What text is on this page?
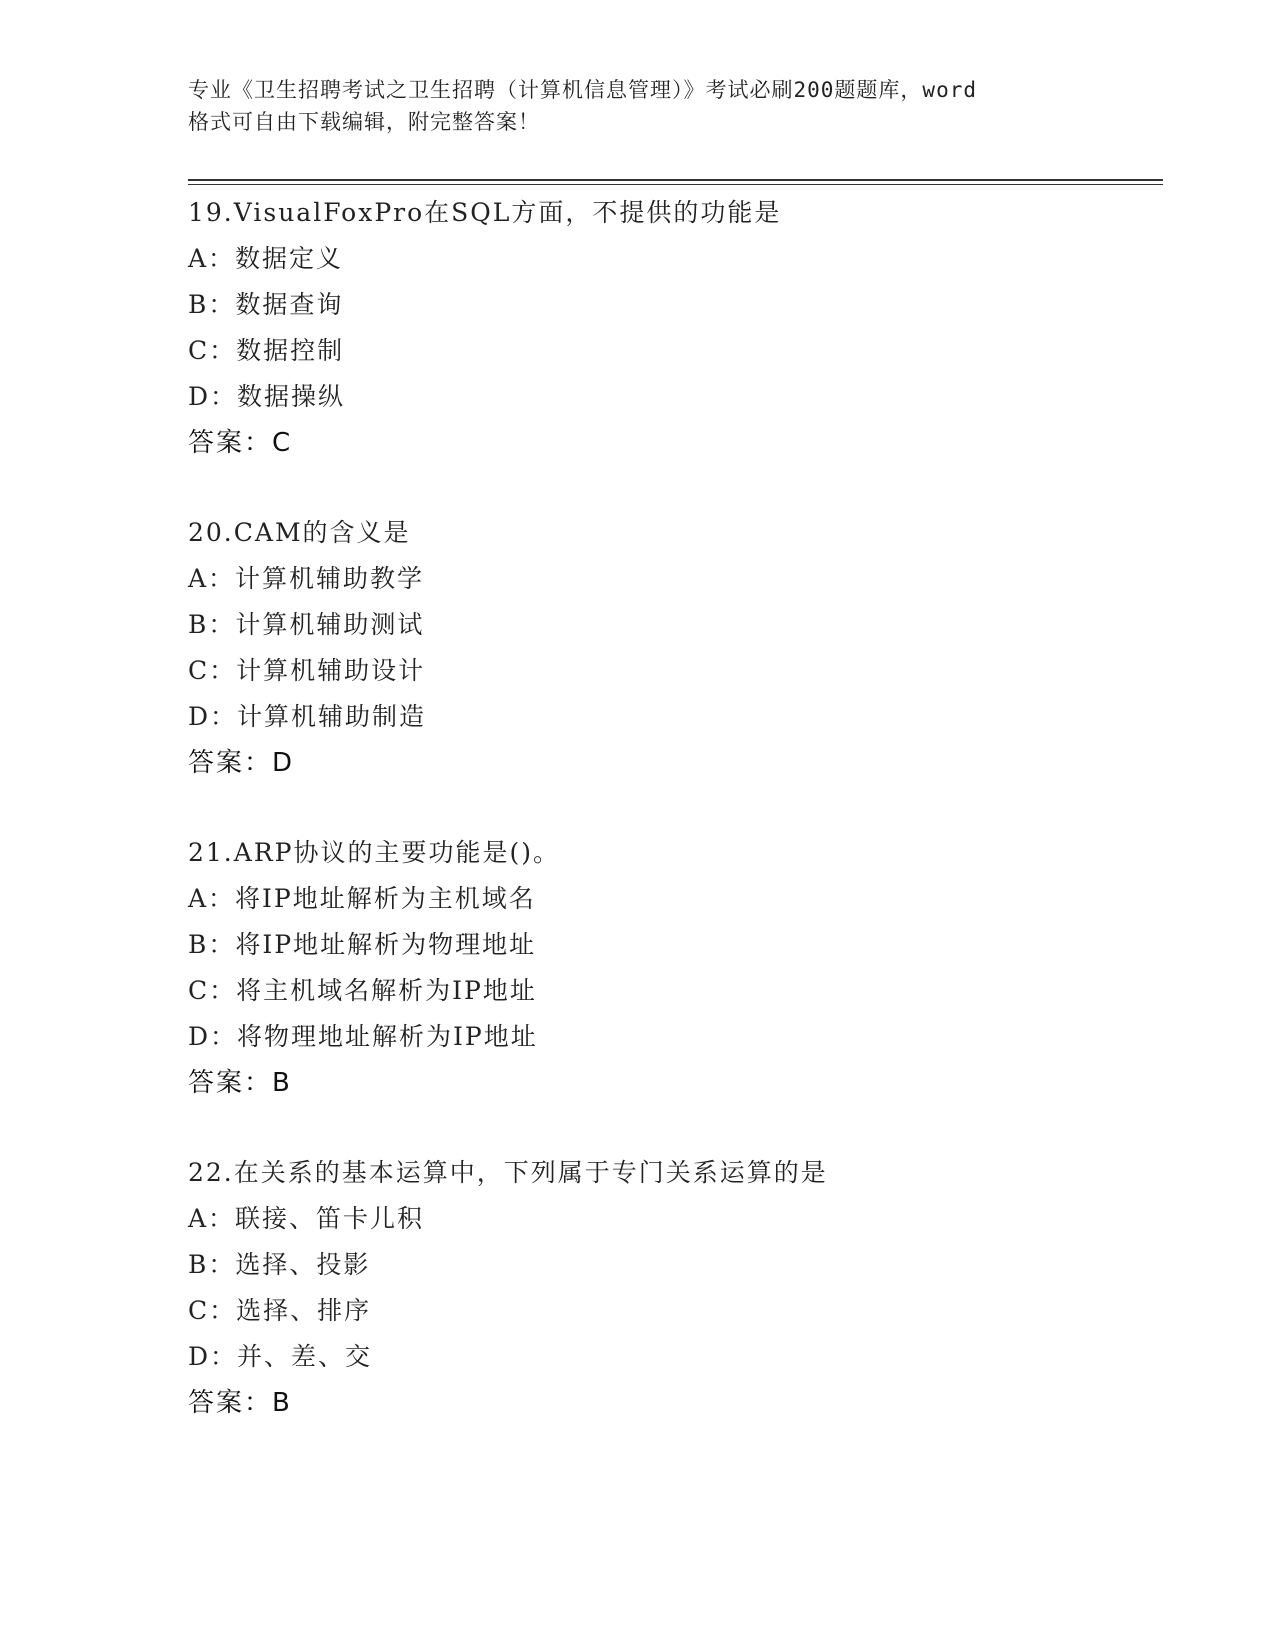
专业《卫生招聘考试之卫生招聘（计算机信息管理）》考试必刷200题题库，word
格式可自由下载编辑，附完整答案！
19.VisualFoxPro在SQL方面，不提供的功能是
A：数据定义
B：数据查询
C：数据控制
D：数据操纵
答案：C
20.CAM的含义是
A：计算机辅助教学
B：计算机辅助测试
C：计算机辅助设计
D：计算机辅助制造
答案：D
21.ARP协议的主要功能是()。
A：将IP地址解析为主机域名
B：将IP地址解析为物理地址
C：将主机域名解析为IP地址
D：将物理地址解析为IP地址
答案：B
22.在关系的基本运算中，下列属于专门关系运算的是
A：联接、笛卡儿积
B：选择、投影
C：选择、排序
D：并、差、交
答案：B
